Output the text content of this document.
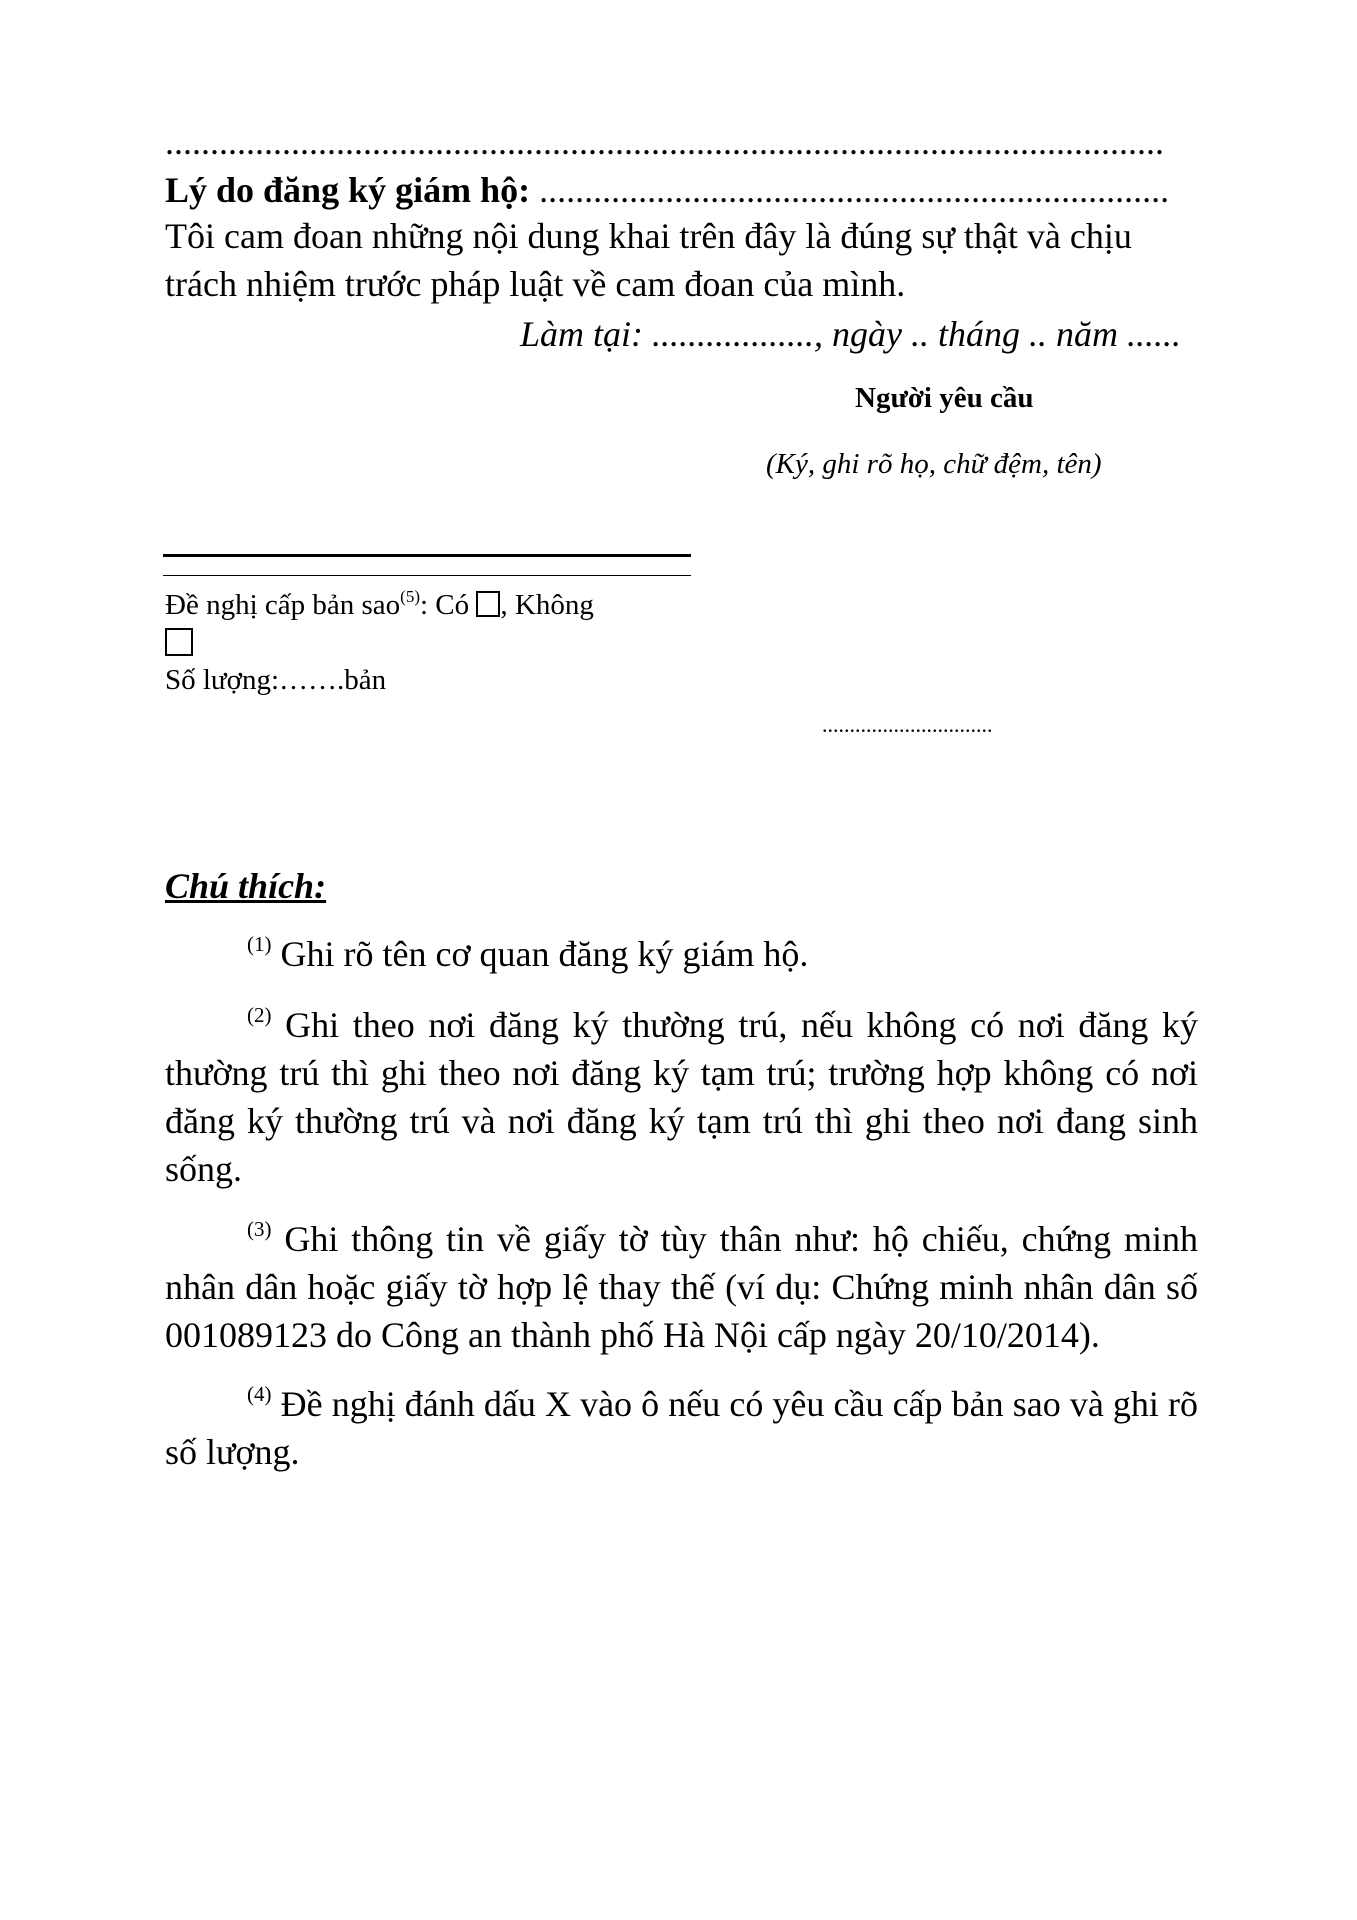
...............................................................................................................
Lý do đăng ký giám hộ: ......................................................................
Tôi cam đoan những nội dung khai trên đây là đúng sự thật và chịu trách nhiệm trước pháp luật về cam đoan của mình.
Làm tại: .................., ngày .. tháng .. năm ......
Người yêu cầu
(Ký, ghi rõ họ, chữ đệm, tên)
Đề nghị cấp bản sao$^{(5)}$: Có , Không
Số lượng:…….bản
...............................
Chú thích:
$^{(1)}$ Ghi rõ tên cơ quan đăng ký giám hộ.
$^{(2)}$ Ghi theo nơi đăng ký thường trú, nếu không có nơi đăng ký thường trú thì ghi theo nơi đăng ký tạm trú; trường hợp không có nơi đăng ký thường trú và nơi đăng ký tạm trú thì ghi theo nơi đang sinh sống.
$^{(3)}$ Ghi thông tin về giấy tờ tùy thân như: hộ chiếu, chứng minh nhân dân hoặc giấy tờ hợp lệ thay thế (ví dụ: Chứng minh nhân dân số 001089123 do Công an thành phố Hà Nội cấp ngày 20/10/2014).
$^{(4)}$ Đề nghị đánh dấu X vào ô nếu có yêu cầu cấp bản sao và ghi rõ số lượng.
